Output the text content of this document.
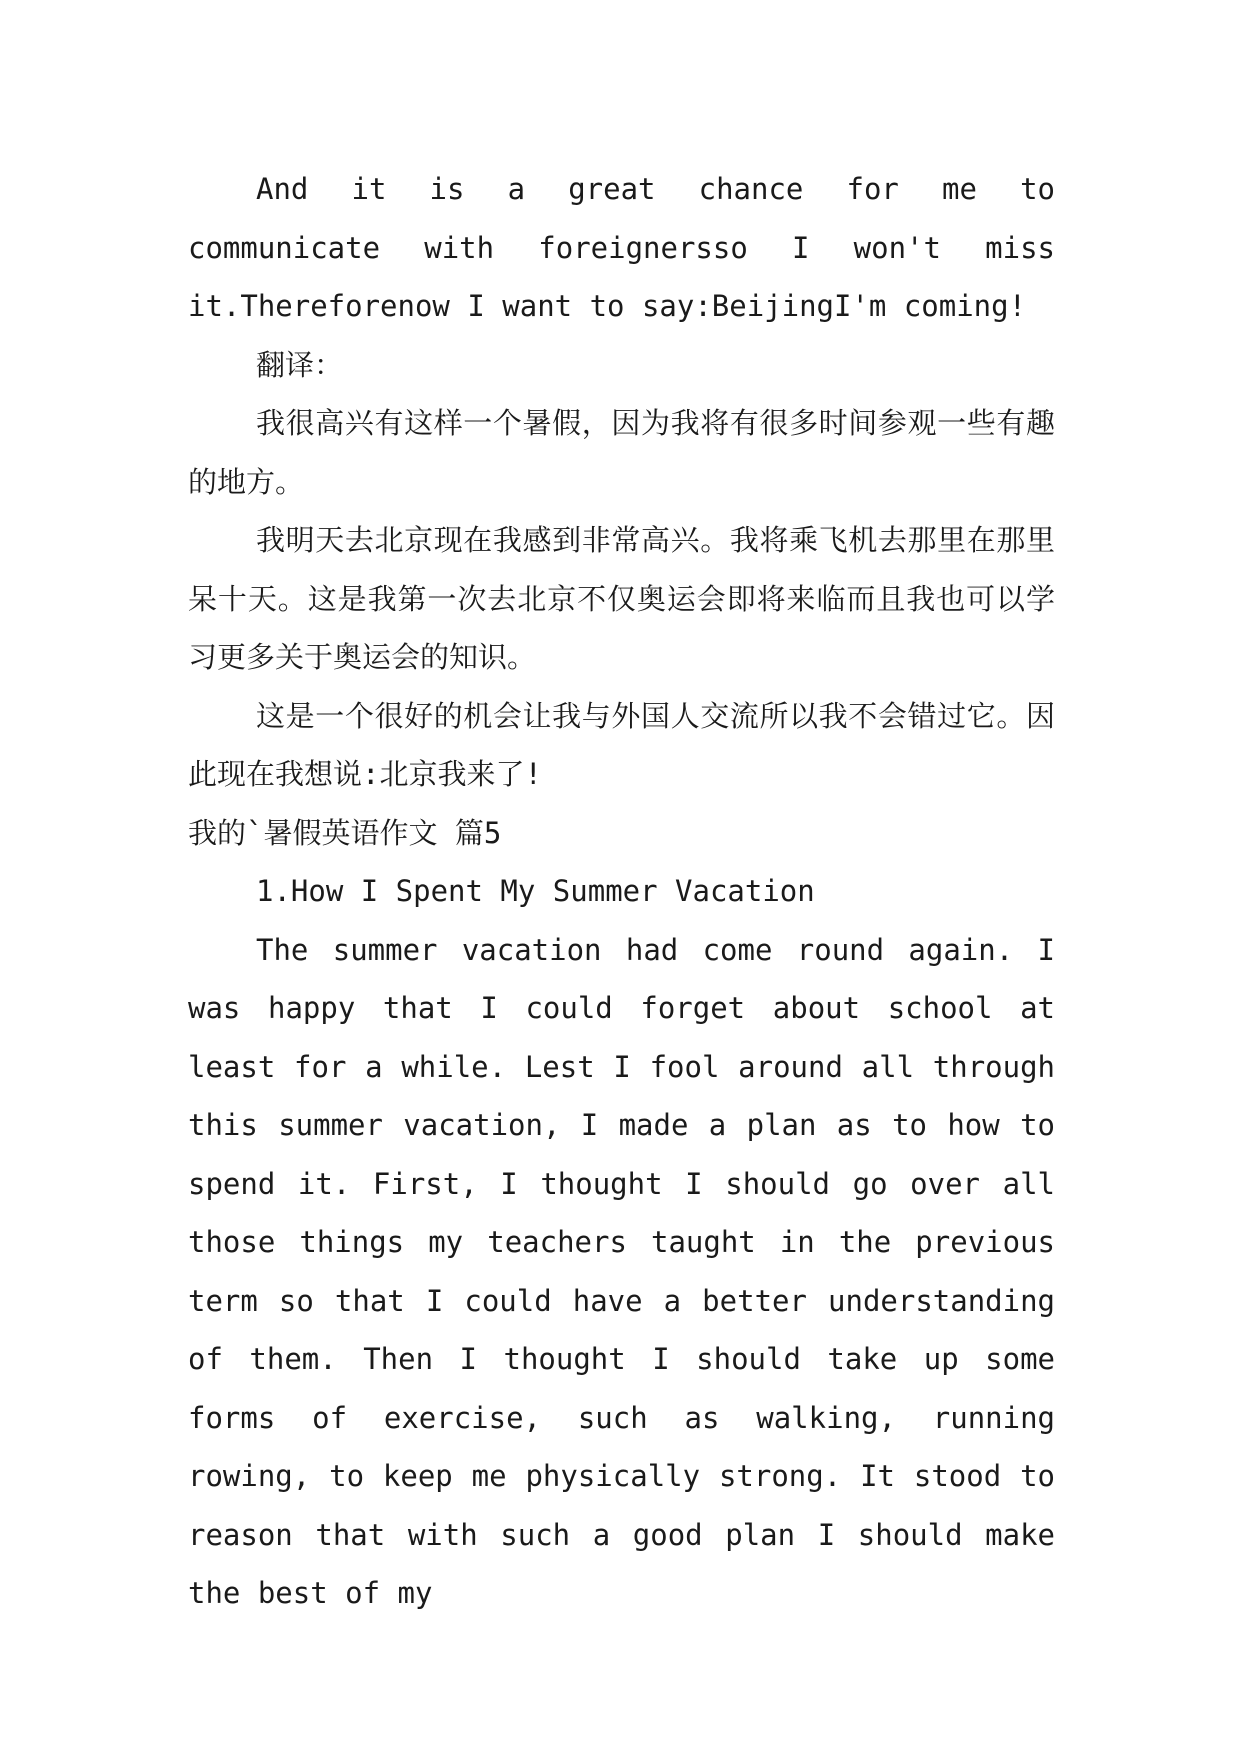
And it is a great chance for me to communicate with foreignersso I won't miss it.Thereforenow I want to say:BeijingI'm coming!

翻译：

我很高兴有这样一个暑假，因为我将有很多时间参观一些有趣的地方。

我明天去北京现在我感到非常高兴。我将乘飞机去那里在那里呆十天。这是我第一次去北京不仅奥运会即将来临而且我也可以学习更多关于奥运会的知识。

这是一个很好的机会让我与外国人交流所以我不会错过它。因此现在我想说:北京我来了!

我的`暑假英语作文 篇5

1.How I Spent My Summer Vacation

The summer vacation had come round again. I was happy that I could forget about school at least for a while. Lest I fool around all through this summer vacation, I made a plan as to how to spend it. First, I thought I should go over all those things my teachers taught in the previous term so that I could have a better understanding of them. Then I thought I should take up some forms of exercise, such as walking, running rowing, to keep me physically strong. It stood to reason that with such a good plan I should make the best of my
